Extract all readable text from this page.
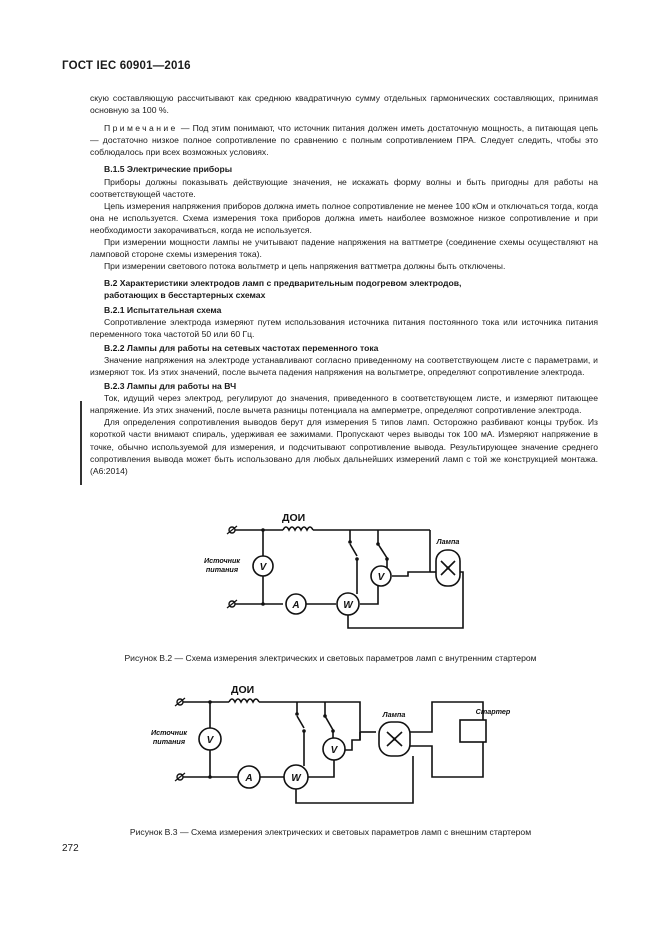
ГОСТ IEC 60901—2016

скую составляющую рассчитывают как среднюю квадратичную сумму отдельных гармонических составляющих, принимая основную за 100 %.

Примечание — Под этим понимают, что источник питания должен иметь достаточную мощность, а питающая цепь — достаточно низкое полное сопротивление по сравнению с полным сопротивлением ПРА. Следует следить, чтобы это соблюдалось при всех возможных условиях.

B.1.5 Электрические приборы

Приборы должны показывать действующие значения, не искажать форму волны и быть пригодны для работы на соответствующей частоте.

Цепь измерения напряжения приборов должна иметь полное сопротивление не менее 100 кОм и отключаться тогда, когда она не используется. Схема измерения тока приборов должна иметь наиболее возможное низкое сопротивление и при необходимости закорачиваться, когда не используется.

При измерении мощности лампы не учитывают падение напряжения на ваттметре (соединение схемы осуществляют на ламповой стороне схемы измерения тока).

При измерении светового потока вольтметр и цепь напряжения ваттметра должны быть отключены.

B.2 Характеристики электродов ламп с предварительным подогревом электродов,
работающих в бесстартерных схемах
B.2.1 Испытательная схема

Сопротивление электрода измеряют путем использования источника питания постоянного тока или источника питания переменного тока частотой 50 или 60 Гц.

B.2.2 Лампы для работы на сетевых частотах переменного тока

Значение напряжения на электроде устанавливают согласно приведенному на соответствующем листе с параметрами, и измеряют ток. Из этих значений, после вычета падения напряжения на вольтметре, определяют сопротивление электрода.

B.2.3 Лампы для работы на ВЧ

Ток, идущий через электрод, регулируют до значения, приведенного в соответствующем листе, и измеряют питающее напряжение. Из этих значений, после вычета разницы потенциала на амперметре, определяют сопротивление электрода.

Для определения сопротивления выводов берут для измерения 5 типов ламп. Осторожно разбивают концы трубок. Из короткой части внимают спираль, удерживая ее зажимами. Пропускают через выводы ток 100 мА. Измеряют напряжение в точке, обычно используемой для измерения, и подсчитывают сопротивление вывода. Результирующее значение среднего сопротивления вывода может быть использовано для любых дальнейших измерений ламп с той же конструкцией монтажа. (A6:2014)

V
A	W
V
ДОИ
Источник
питания
Лампа
Рисунок B.2 — Схема измерения электрических и световых параметров ламп с внутренним стартером
V
A	W
V
ДОИ
Источник
питания
Лампа	Стартер
Рисунок B.3 — Схема измерения электрических и световых параметров ламп с внешним стартером
272
